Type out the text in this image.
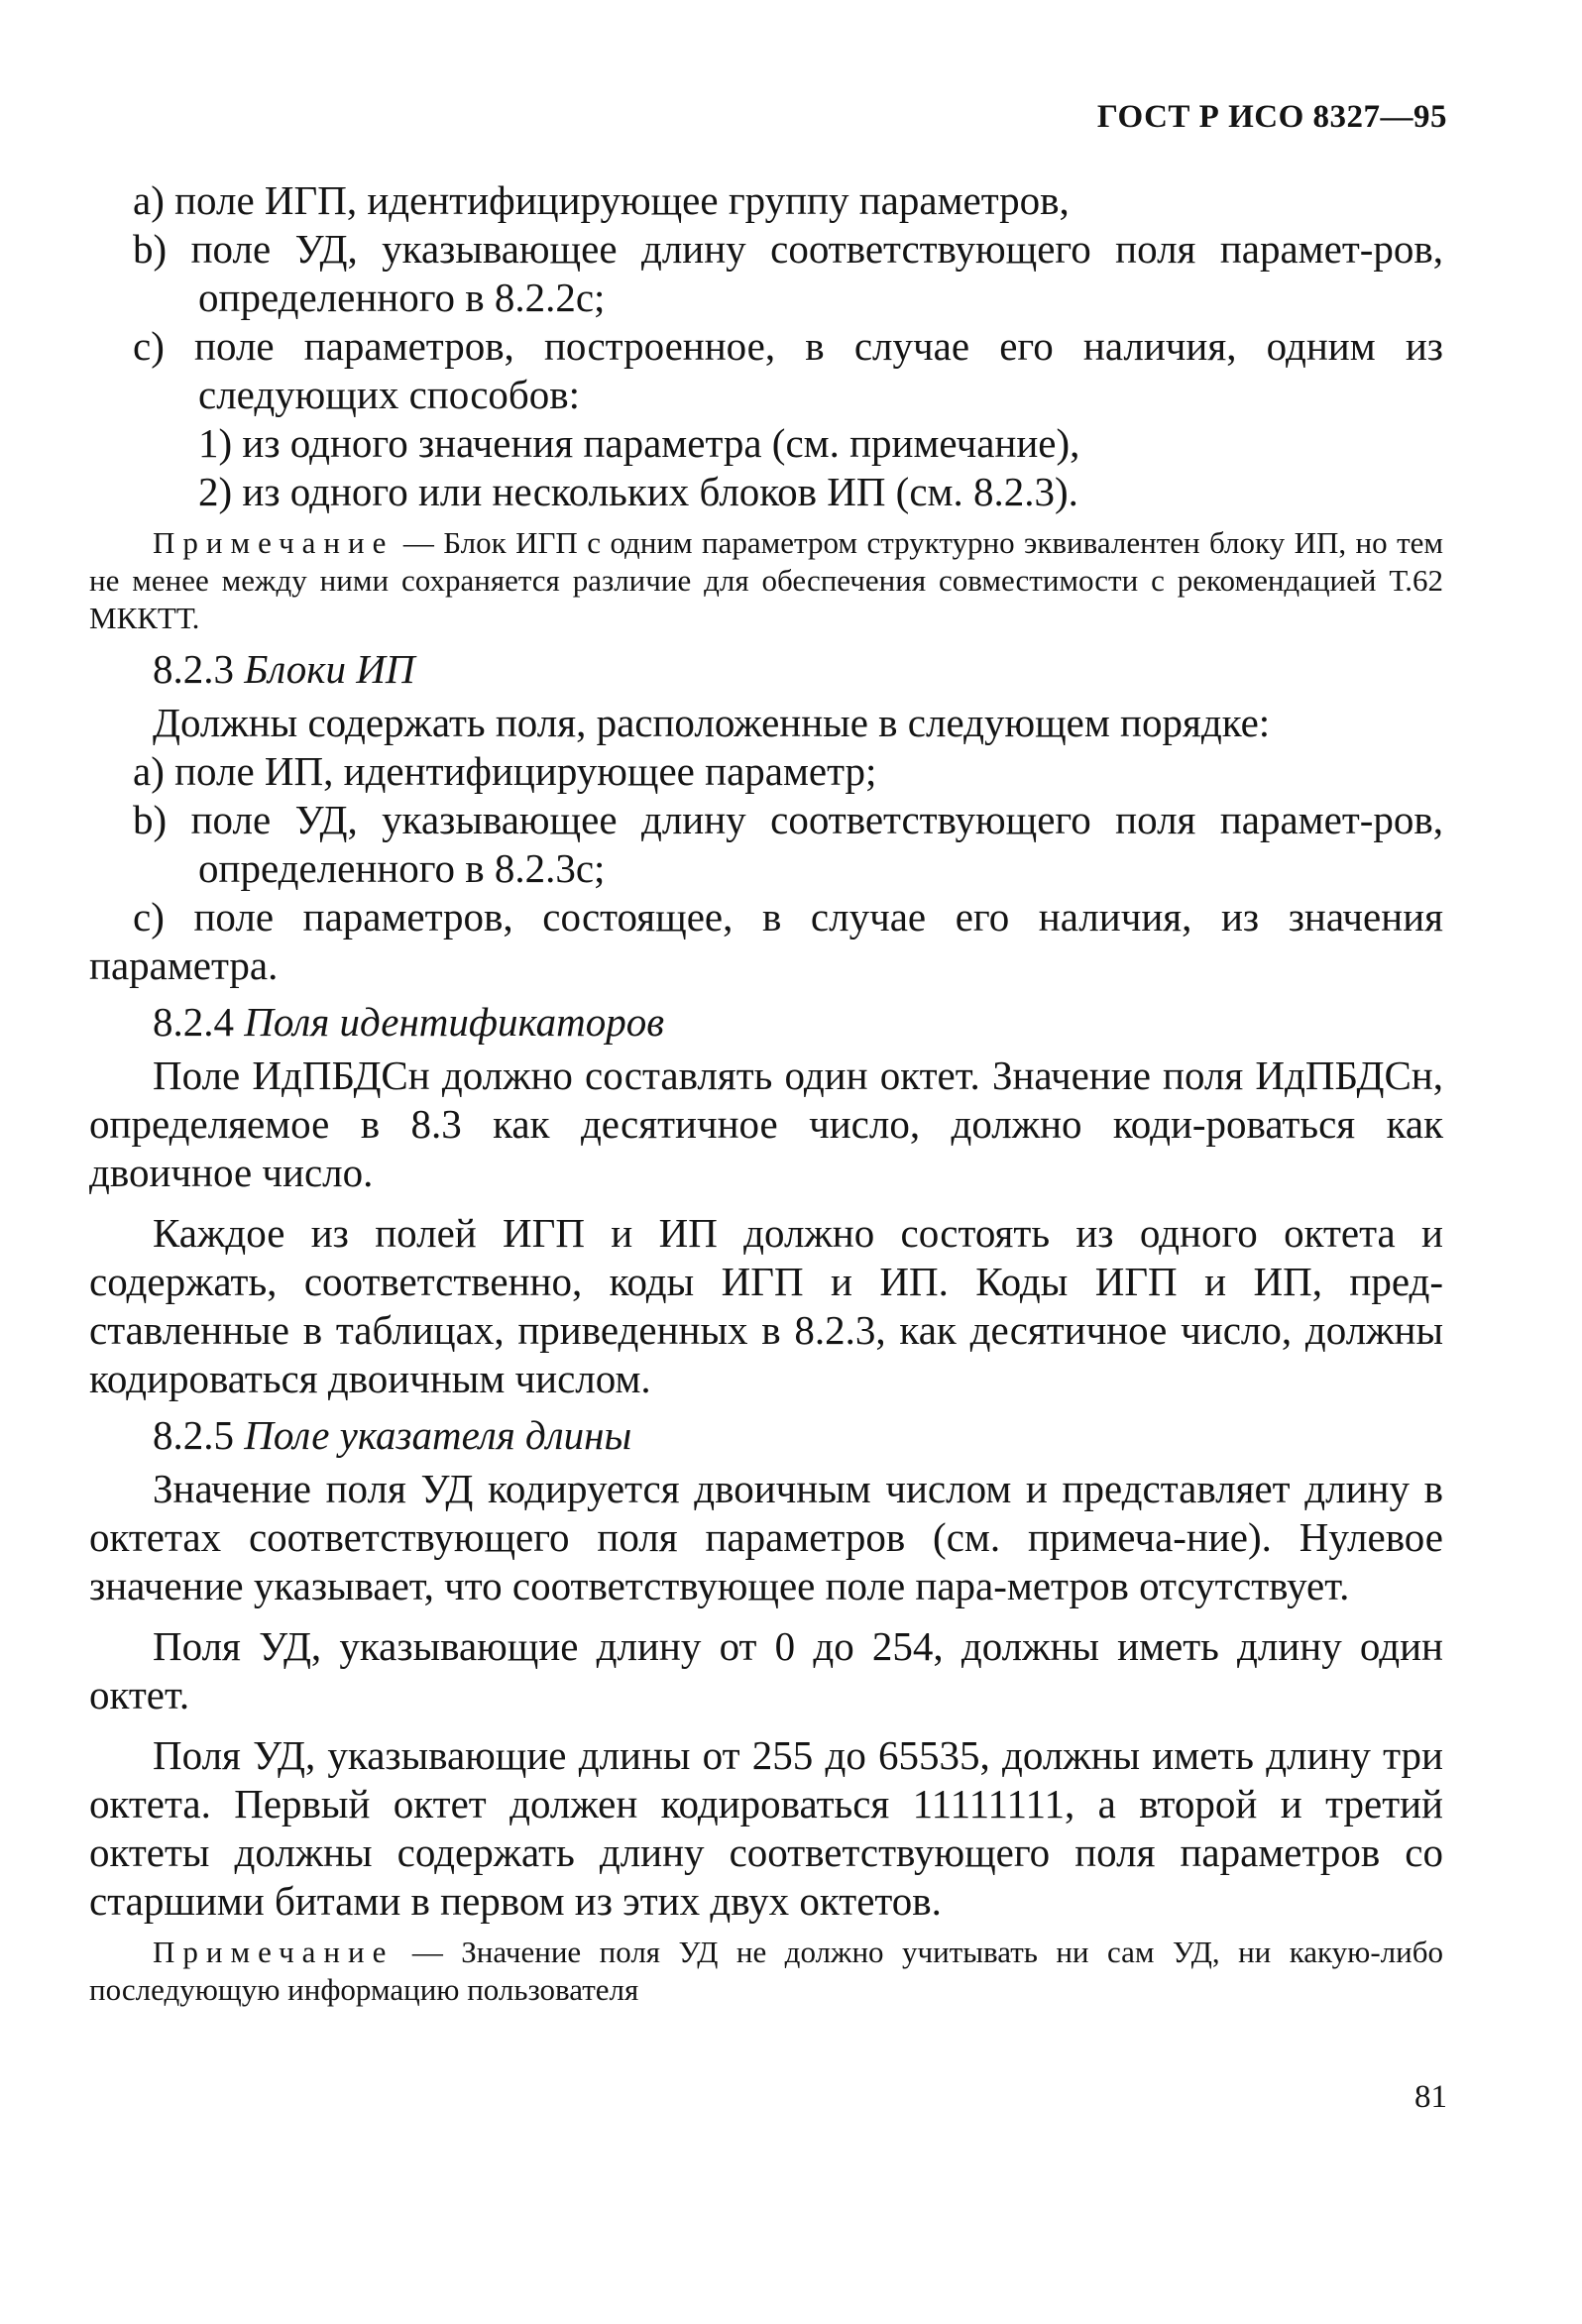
ГОСТ Р ИСО 8327—95

a) поле ИГП, идентифицирующее группу параметров,

b) поле УД, указывающее длину соответствующего поля парамет-ров, определенного в 8.2.2с;

с) поле параметров, построенное, в случае его наличия, одним из следующих способов:

1) из одного значения параметра (см. примечание),

2) из одного или нескольких блоков ИП (см. 8.2.3).

Примечание — Блок ИГП с одним параметром структурно эквивалентен блоку ИП, но тем не менее между ними сохраняется различие для обеспечения совместимости с рекомендацией Т.62 МККТТ.

8.2.3 Блоки ИП

Должны содержать поля, расположенные в следующем порядке:

a) поле ИП, идентифицирующее параметр;

b) поле УД, указывающее длину соответствующего поля парамет-ров, определенного в 8.2.3с;

с) поле параметров, состоящее, в случае его наличия, из значения параметра.

8.2.4 Поля идентификаторов

Поле ИдПБДСн должно составлять один октет. Значение поля ИдПБДСн, определяемое в 8.3 как десятичное число, должно коди-роваться как двоичное число.

Каждое из полей ИГП и ИП должно состоять из одного октета и содержать, соответственно, коды ИГП и ИП. Коды ИГП и ИП, пред-ставленные в таблицах, приведенных в 8.2.3, как десятичное число, должны кодироваться двоичным числом.

8.2.5 Поле указателя длины

Значение поля УД кодируется двоичным числом и представляет длину в октетах соответствующего поля параметров (см. примеча-ние). Нулевое значение указывает, что соответствующее поле пара-метров отсутствует.

Поля УД, указывающие длину от 0 до 254, должны иметь длину один октет.

Поля УД, указывающие длины от 255 до 65535, должны иметь длину три октета. Первый октет должен кодироваться 11111111, а второй и третий октеты должны содержать длину соответствующего поля параметров со старшими битами в первом из этих двух октетов.

Примечание — Значение поля УД не должно учитывать ни сам УД, ни какую-либо последующую информацию пользователя

81
